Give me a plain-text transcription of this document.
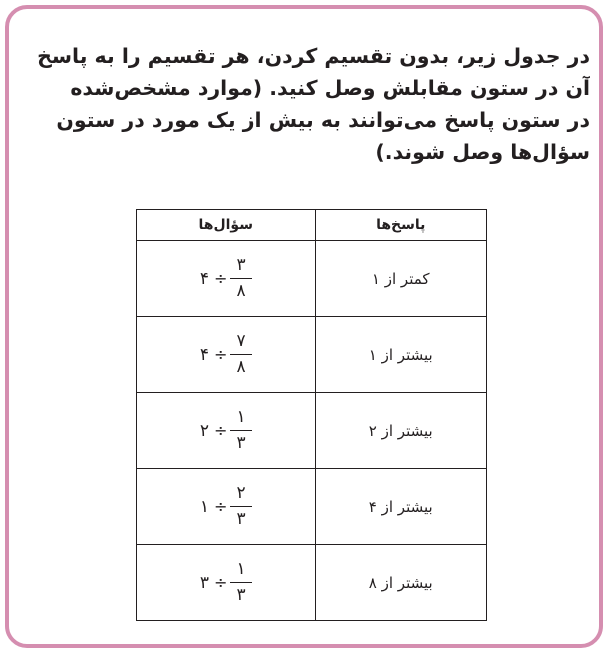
در جدول زیر، بدون تقسیم کردن، هر تقسیم را به پاسخ
آن در ستون مقابلش وصل کنید. (موارد مشخص‌شده
در ستون پاسخ می‌توانند به بیش از یک مورد در ستون
سؤال‌ها وصل شوند.)
پاسخ‌ها	سؤال‌ها
کمتر از ۱	۴ ÷ $\frac{۳}{۸}$

بیشتر از ۱	۴ ÷ $\frac{۷}{۸}$

بیشتر از ۲	۲ ÷ $\frac{۱}{۳}$

بیشتر از ۴	۱ ÷ $\frac{۲}{۳}$

بیشتر از ۸	۳ ÷ $\frac{۱}{۳}$
